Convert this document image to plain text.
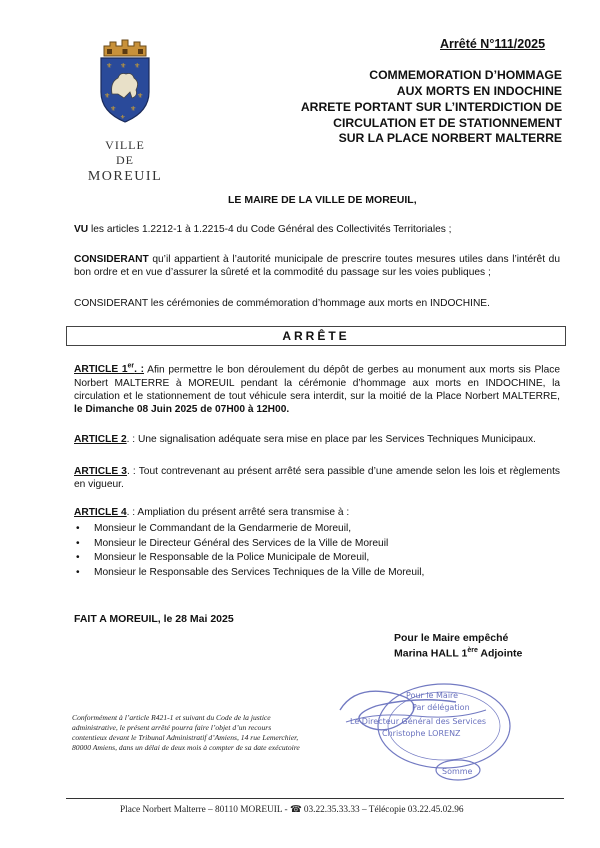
⚜ ⚜ ⚜
⚜	⚜
⚜ ⚜
⚜
VILLE
DE
MOREUIL
Arrêté N°111/2025
COMMEMORATION D’HOMMAGE
AUX MORTS EN INDOCHINE
ARRETE PORTANT SUR L’INTERDICTION DE
CIRCULATION ET DE STATIONNEMENT
SUR LA PLACE NORBERT MALTERRE
LE MAIRE DE LA VILLE DE MOREUIL,
VU les articles 1.2212-1 à 1.2215-4 du Code Général des Collectivités Territoriales ;
CONSIDERANT qu’il appartient à l’autorité municipale de prescrire toutes mesures utiles dans l’intérêt du bon ordre et en vue d’assurer la sûreté et la commodité du passage sur les voies publiques ;
CONSIDERANT les cérémonies de commémoration d’hommage aux morts en INDOCHINE.
ARRÊTE
ARTICLE 1er. : Afin permettre le bon déroulement du dépôt de gerbes au monument aux morts sis Place Norbert MALTERRE à MOREUIL pendant la cérémonie d’hommage aux morts en INDOCHINE, la circulation et le stationnement de tout véhicule sera interdit, sur la moitié de la Place Norbert MALTERRE, le Dimanche 08 Juin 2025 de 07H00 à 12H00.
ARTICLE 2. : Une signalisation adéquate sera mise en place par les Services Techniques Municipaux.
ARTICLE 3. : Tout contrevenant au présent arrêté sera passible d’une amende selon les lois et règlements en vigueur.
ARTICLE 4. : Ampliation du présent arrêté sera transmise à :
• Monsieur le Commandant de la Gendarmerie de Moreuil,
• Monsieur le Directeur Général des Services de la Ville de Moreuil
• Monsieur le Responsable de la Police Municipale de Moreuil,
• Monsieur le Responsable des Services Techniques de la Ville de Moreuil,
FAIT A MOREUIL, le 28 Mai 2025
Pour le Maire empêché
Marina HALL 1ère Adjointe
Pour le Maire
Par délégation
Le Directeur Général des Services
Christophe LORENZ
Somme
Conformément à l’article R421-1 et suivant du Code de la justice administrative, le présent arrêté pourra faire l’objet d’un recours contentieux devant le Tribunal Administratif d’Amiens, 14 rue Lemerchier, 80000 Amiens, dans un délai de deux mois à compter de sa date exécutoire
Place Norbert Malterre – 80110 MOREUIL - ☎ 03.22.35.33.33 – Télécopie 03.22.45.02.96
